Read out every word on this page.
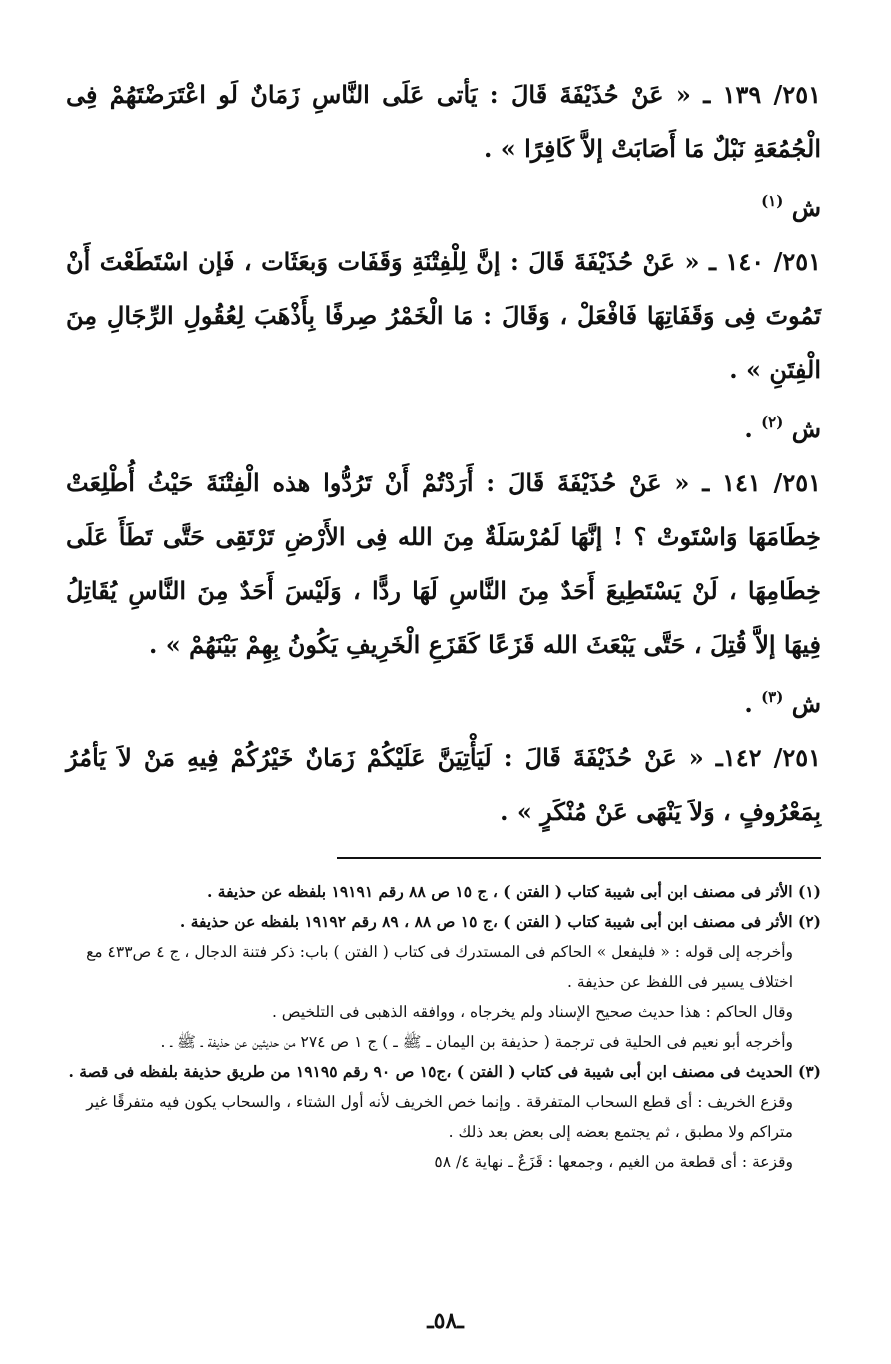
٢٥١/ ١٣٩ ـ « عَنْ حُذَيْفَةَ قَالَ : يَأتى عَلَى النَّاسِ زَمَانٌ لَو اعْتَرَضْتَهُمْ فِى الْجُمُعَةِ نَبْلٌ مَا أَصَابَتْ إلاَّ كَافِرًا » .

ش $^{(١)}$

٢٥١/ ١٤٠ ـ « عَنْ حُذَيْفَةَ قَالَ : إنَّ لِلْفِتْنَةِ وَقَفَات وَبعَثَات ، فَإن اسْتَطَعْتَ أَنْ تَمُوتَ فِى وَقَفَاتِهَا فَافْعَلْ ، وَقَالَ : مَا الْخَمْرُ صِرفًا بِأَذْهَبَ لِعُقُولِ الرِّجَالِ مِنَ الْفِتَنِ » .

ش $^{(٢)}$ .

٢٥١/ ١٤١ ـ « عَنْ حُذَيْفَةَ قَالَ : أَرَدْتُمْ أَنْ تَرُدُّوا هذه الْفِتْنَةَ حَيْثُ أُطْلِعَتْ خِطَامَهَا وَاسْتَوتْ ؟ ! إنَّهَا لَمُرْسَلَةٌ مِنَ الله فِى الأَرْضِ تَرْتَقِى حَتَّى تَطَأَ عَلَى خِطَامِهَا ، لَنْ يَسْتَطِيعَ أَحَدٌ مِنَ النَّاسِ لَهَا ردًّا ، وَلَيْسَ أَحَدٌ مِنَ النَّاسِ يُقَاتِلُ فِيهَا إلاَّ قُتِلَ ، حَتَّى يَبْعَثَ الله قَزَعًا كَقَزَعِ الْخَرِيفِ يَكُونُ بِهِمْ بَيْنَهُمْ » .

ش $^{(٣)}$ .

٢٥١/ ١٤٢ـ « عَنْ حُذَيْفَةَ قَالَ : لَيَأْتِيَنَّ عَلَيْكُمْ زَمَانٌ خَيْرُكُمْ فِيهِ مَنْ لاَ يَأمُرُ بِمَعْرُوفٍ ، وَلاَ يَنْهَى عَنْ مُنْكَرٍ » .

(١) الأثر فى مصنف ابن أبى شيبة كتاب ( الفتن ) ، ج ١٥ ص ٨٨ رقم ١٩١٩١ بلفظه عن حذيفة .

(٢) الأثر فى مصنف ابن أبى شيبة كتاب ( الفتن ) ،ج ١٥ ص ٨٨ ، ٨٩ رقم ١٩١٩٢ بلفظه عن حذيفة .

وأخرجه إلى قوله : « فليفعل » الحاكم فى المستدرك فى كتاب ( الفتن ) باب: ذكر فتنة الدجال ، ج ٤ ص٤٣٣ مع اختلاف يسير فى اللفظ عن حذيفة .

وقال الحاكم : هذا حديث صحيح الإسناد ولم يخرجاه ، ووافقه الذهبى فى التلخيص .

وأخرجه أبو نعيم فى الحلية فى ترجمة ( حذيفة بن اليمان ـ ﷺ ـ ) ج ١ ص ٢٧٤ من حديثين عن حذيفة ـ ﷺ ـ .

(٣) الحديث فى مصنف ابن أبى شيبة فى كتاب ( الفتن ) ،ج١٥ ص ٩٠ رقم ١٩١٩٥ من طريق حذيفة بلفظه فى قصة .

وقزع الخريف : أى قطع السحاب المتفرقة . وإنما خص الخريف لأنه أول الشتاء ، والسحاب يكون فيه متفرقًا غير متراكم ولا مطبق ، ثم يجتمع بعضه إلى بعض بعد ذلك .

وقزعة : أى قطعة من الغيم ، وجمعها : قَزَعٌ ـ نهاية ٤/ ٥٨

ـ٥٨ـ
